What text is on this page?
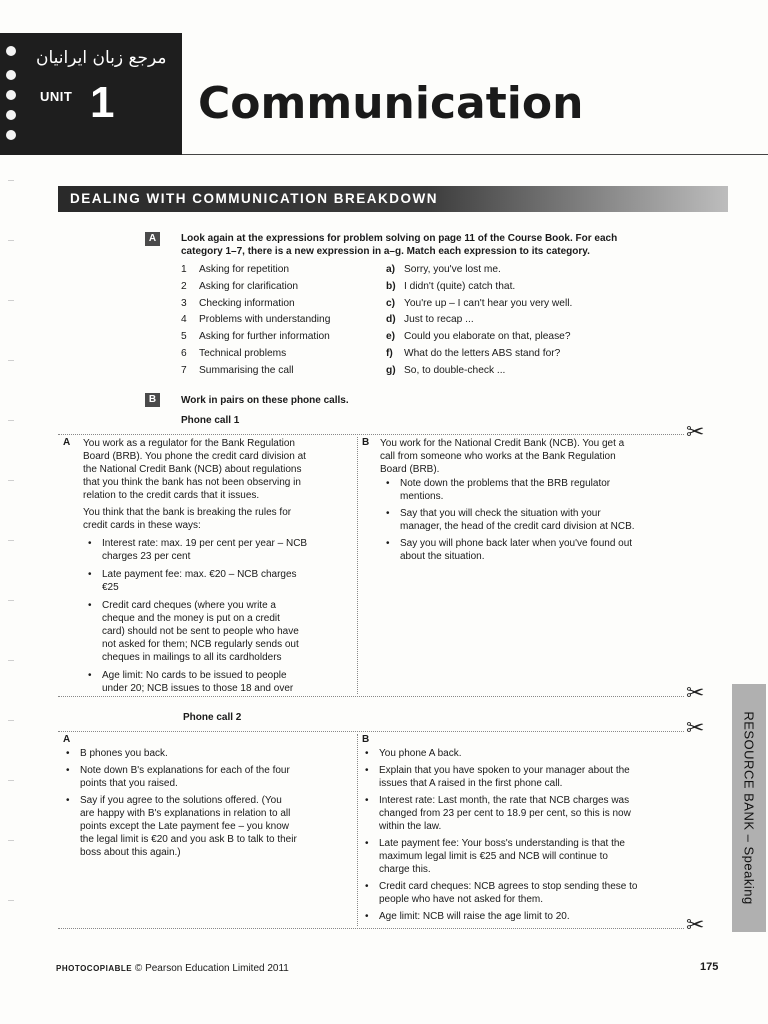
مرجع زبان ایرانیان
UNIT 1 Communication
DEALING WITH COMMUNICATION BREAKDOWN
A	Look again at the expressions for problem solving on page 11 of the Course Book. For each
category 1–7, there is a new expression in a–g. Match each expression to its category.
1 Asking for repetition
2 Asking for clarification
3 Checking information
4 Problems with understanding
5 Asking for further information
6 Technical problems
7 Summarising the call
a) Sorry, you've lost me.
b) I didn't (quite) catch that.
c) You're up – I can't hear you very well.
d) Just to recap ...
e) Could you elaborate on that, please?
f) What do the letters ABS stand for?
g) So, to double-check ...
B	Work in pairs on these phone calls.
Phone call 1	✂
✂
Phone call 2	✂
✂
A	B
You work as a regulator for the Bank Regulation
Board (BRB). You phone the credit card division at
the National Credit Bank (NCB) about regulations
that you think the bank has not been observing in
relation to the credit cards that it issues.
You think that the bank is breaking the rules for
credit cards in these ways:
• Interest rate: max. 19 per cent per year – NCB
charges 23 per cent
• Late payment fee: max. €20 – NCB charges
€25
• Credit card cheques (where you write a
cheque and the money is put on a credit
card) should not be sent to people who have
not asked for them; NCB regularly sends out
cheques in mailings to all its cardholders
• Age limit: No cards to be issued to people
under 20; NCB issues to those 18 and over
You work for the National Credit Bank (NCB). You get a
call from someone who works at the Bank Regulation
Board (BRB).
• Note down the problems that the BRB regulator
mentions.
• Say that you will check the situation with your
manager, the head of the credit card division at NCB.
• Say you will phone back later when you've found out
about the situation.
A	B
• B phones you back.
• Note down B's explanations for each of the four
points that you raised.
• Say if you agree to the solutions offered. (You
are happy with B's explanations in relation to all
points except the Late payment fee – you know
the legal limit is €20 and you ask B to talk to their
boss about this again.)
• You phone A back.
• Explain that you have spoken to your manager about the
issues that A raised in the first phone call.
• Interest rate: Last month, the rate that NCB charges was
changed from 23 per cent to 18.9 per cent, so this is now
within the law.
• Late payment fee: Your boss's understanding is that the
maximum legal limit is €25 and NCB will continue to
charge this.
• Credit card cheques: NCB agrees to stop sending these to
people who have not asked for them.
• Age limit: NCB will raise the age limit to 20.
RESOURCE BANK – Speaking
PHOTOCOPIABLE © Pearson Education Limited 2011	175
